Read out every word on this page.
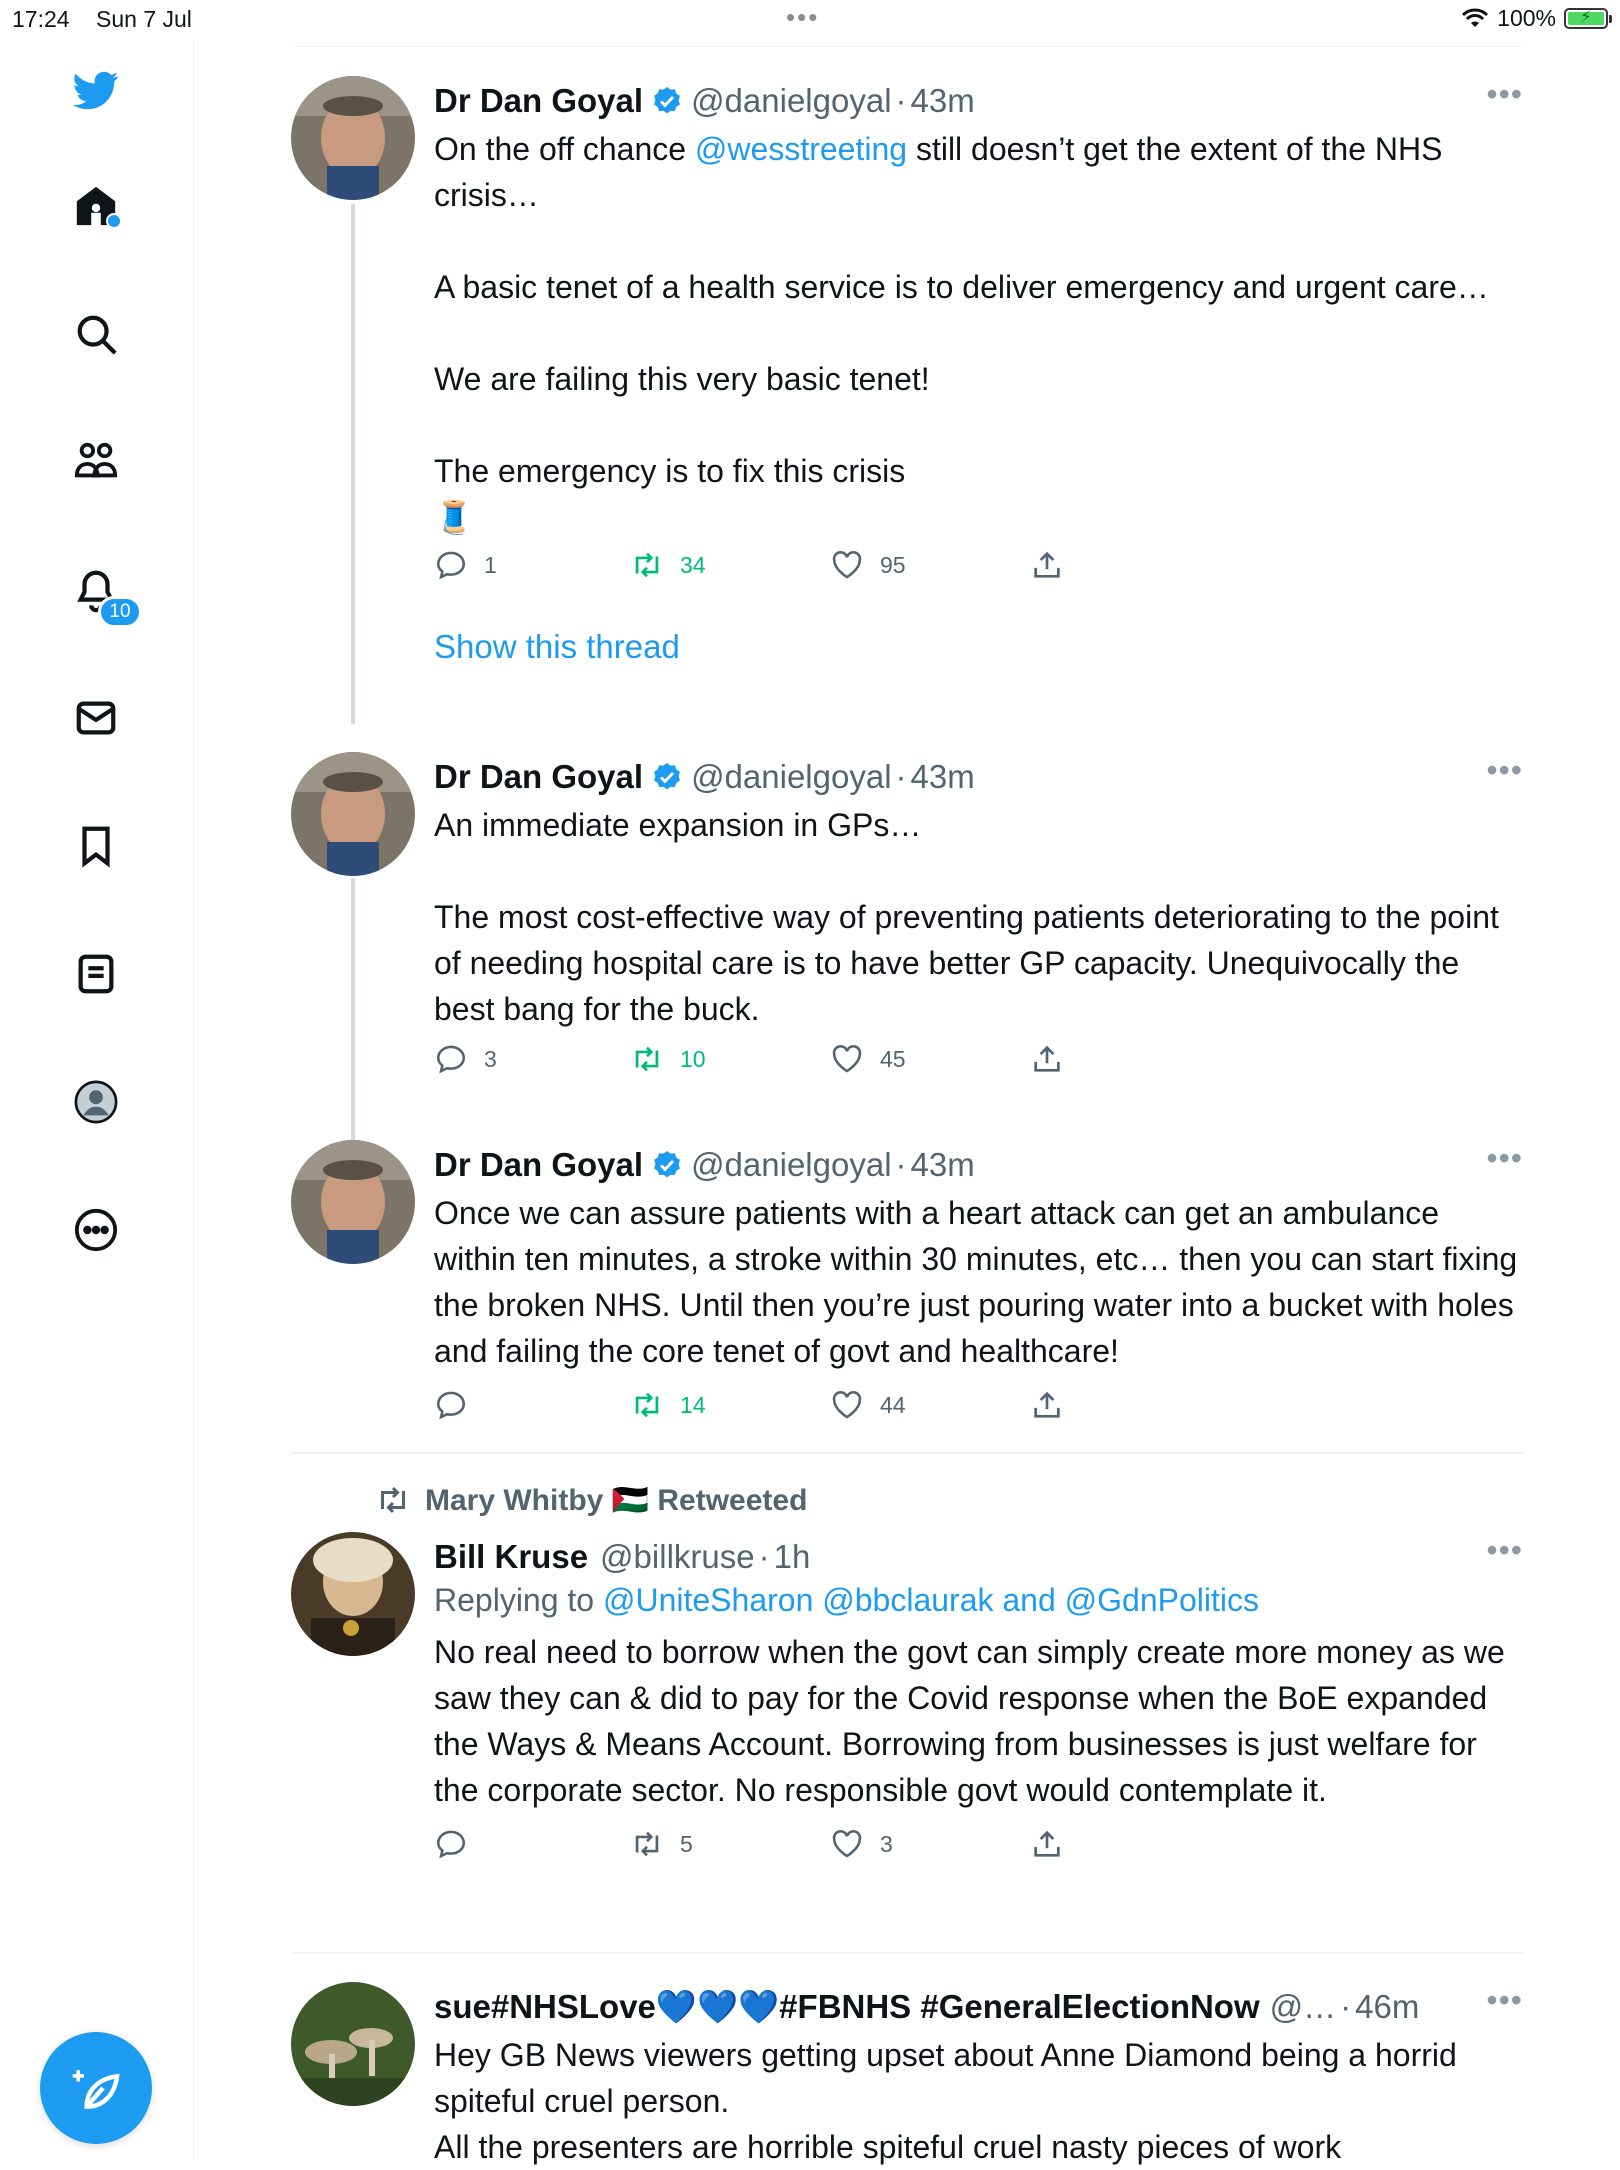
17:24 Sun 7 Jul	•••	100%	⚡
10
Dr Dan Goyal @danielgoyal · 43m	•••
On the off chance @wesstreeting still doesn’t get the extent of the NHS crisis…

A basic tenet of a health service is to deliver emergency and urgent care…

We are failing this very basic tenet!

The emergency is to fix this crisis
🧵
1	34	95
Show this thread
Dr Dan Goyal @danielgoyal · 43m	•••
An immediate expansion in GPs…

The most cost-effective way of preventing patients deteriorating to the point of needing hospital care is to have better GP capacity. Unequivocally the best bang for the buck.
3	10	45
Dr Dan Goyal @danielgoyal · 43m	•••
Once we can assure patients with a heart attack can get an ambulance within ten minutes, a stroke within 30 minutes, etc… then you can start fixing the broken NHS. Until then you’re just pouring water into a bucket with holes and failing the core tenet of govt and healthcare!
14	44
Mary Whitby 🇵🇸 Retweeted
Bill Kruse @billkruse · 1h	•••
Replying to @UniteSharon @bbclaurak and @GdnPolitics
No real need to borrow when the govt can simply create more money as we saw they can & did to pay for the Covid response when the BoE expanded the Ways & Means Account. Borrowing from businesses is just welfare for the corporate sector. No responsible govt would contemplate it.
5	3
sue#NHSLove💙💙💙#FBNHS #GeneralElectionNow @… · 46m •••
Hey GB News viewers getting upset about Anne Diamond being a horrid spiteful cruel person.
All the presenters are horrible spiteful cruel nasty pieces of work
